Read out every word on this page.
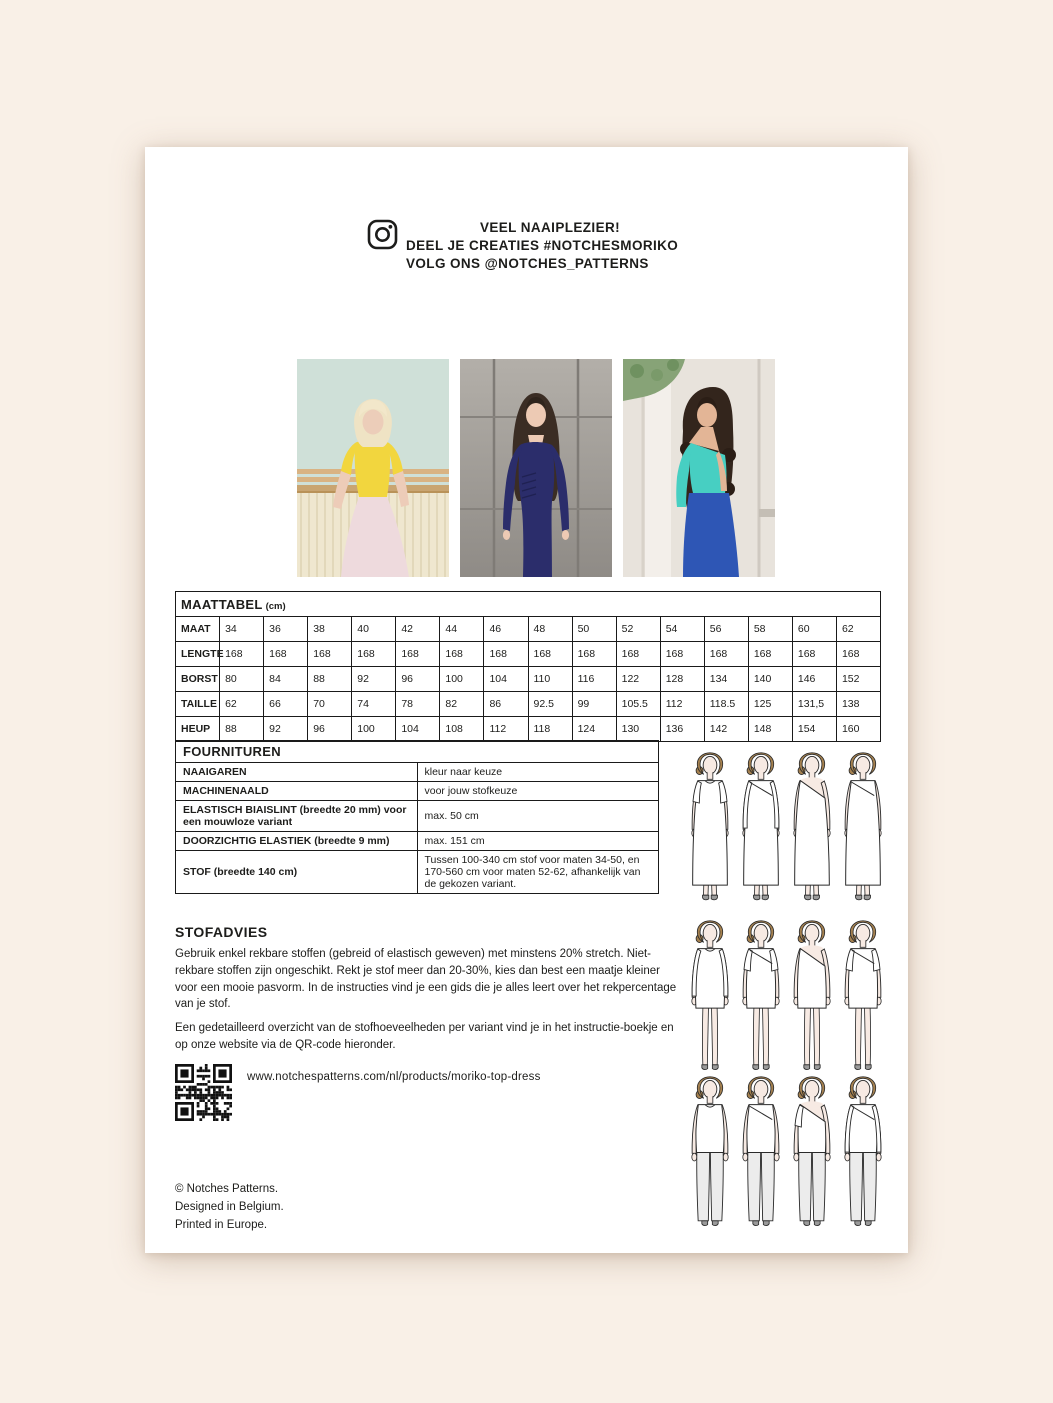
VEEL NAAIPLEZIER!
DEEL JE CREATIES #NOTCHESMORIKO
VOLG ONS @NOTCHES_PATTERNS
MAATTABEL (cm)															
MAAT	34	36	38	40	42	44	46	48	50	52	54	56	58	60	62
LENGTE	168	168	168	168	168	168	168	168	168	168	168	168	168	168	168
BORST	80	84	88	92	96	100	104	110	116	122	128	134	140	146	152
TAILLE	62	66	70	74	78	82	86	92.5	99	105.5	112	118.5	125	131,5	138
HEUP	88	92	96	100	104	108	112	118	124	130	136	142	148	154	160
FOURNITUREN	
NAAIGAREN	kleur naar keuze
MACHINENAALD	voor jouw stofkeuze
ELASTISCH BIAISLINT (breedte 20 mm) voor een mouwloze variant	max. 50 cm
DOORZICHTIG ELASTIEK (breedte 9 mm)	max. 151 cm
STOF (breedte 140 cm)	Tussen 100-340 cm stof voor maten 34-50, en 170-560 cm voor maten 52-62, afhankelijk van de gekozen variant.
STOFADVIES
Gebruik enkel rekbare stoffen (gebreid of elastisch geweven) met minstens 20% stretch. Niet-rekbare stoffen zijn ongeschikt. Rekt je stof meer dan 20-30%, kies dan best een maatje kleiner voor een mooie pasvorm. In de instructies vind je een gids die je alles leert over het rekpercentage van je stof.
Een gedetailleerd overzicht van de stofhoeveelheden per variant vind je in het instructie-boekje en op onze website via de QR-code hieronder.
www.notchespatterns.com/nl/products/moriko-top-dress
© Notches Patterns.
Designed in Belgium.
Printed in Europe.
